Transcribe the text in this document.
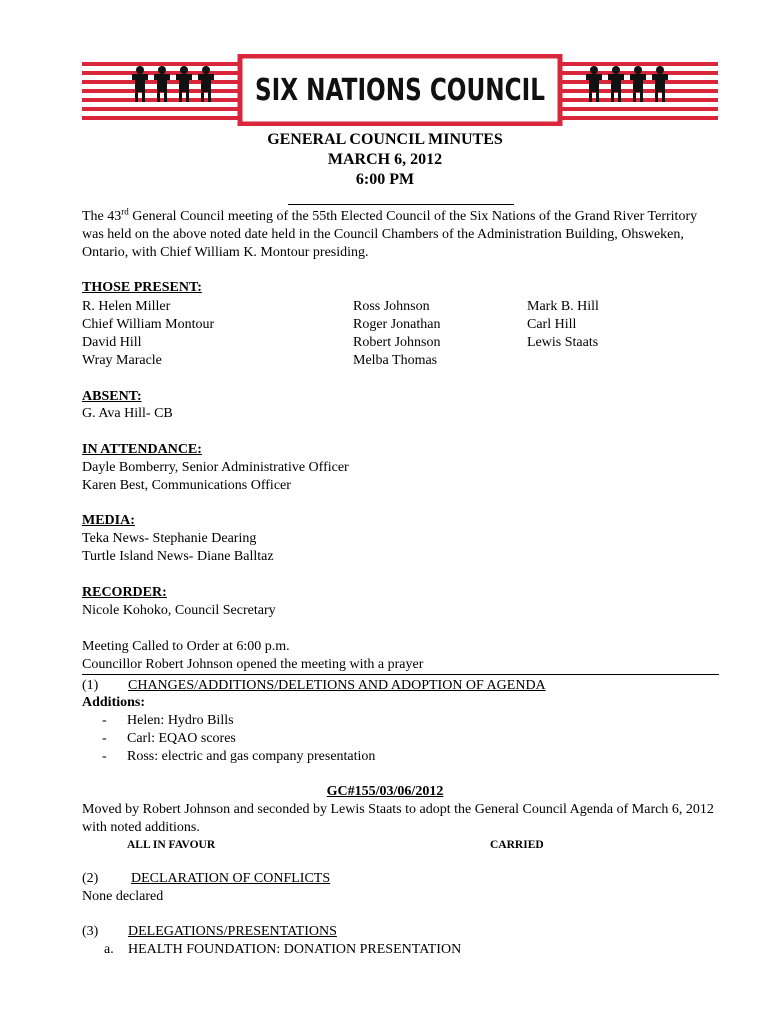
SIX NATIONS COUNCIL
GENERAL COUNCIL MINUTES
MARCH 6, 2012
6:00 PM
The 43rd General Council meeting of the 55th Elected Council of the Six Nations of the Grand River Territory was held on the above noted date held in the Council Chambers of the Administration Building, Ohsweken, Ontario, with Chief William K. Montour presiding.
THOSE PRESENT:
R. Helen Miller
Chief William Montour
David Hill
Wray Maracle
Ross Johnson
Roger Jonathan
Robert Johnson
Melba Thomas
Mark B. Hill
Carl Hill
Lewis Staats
ABSENT:
G. Ava Hill- CB
IN ATTENDANCE:
Dayle Bomberry, Senior Administrative Officer
Karen Best, Communications Officer
MEDIA:
Teka News- Stephanie Dearing
Turtle Island News- Diane Balltaz
RECORDER:
Nicole Kohoko, Council Secretary
Meeting Called to Order at 6:00 p.m.
Councillor Robert Johnson opened the meeting with a prayer
(1) CHANGES/ADDITIONS/DELETIONS AND ADOPTION OF AGENDA
Additions:
- Helen: Hydro Bills
- Carl: EQAO scores
- Ross: electric and gas company presentation
GC#155/03/06/2012
Moved by Robert Johnson and seconded by Lewis Staats to adopt the General Council Agenda of March 6, 2012 with noted additions.
ALL IN FAVOUR	CARRIED
(2) DECLARATION OF CONFLICTS
None declared
(3) DELEGATIONS/PRESENTATIONS
a. HEALTH FOUNDATION: DONATION PRESENTATION
